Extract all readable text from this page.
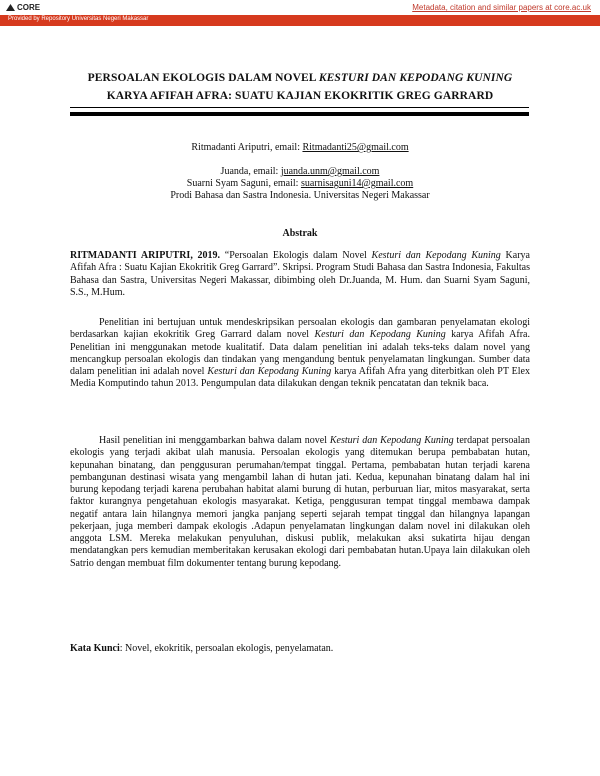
CORE	Metadata, citation and similar papers at core.ac.uk
Provided by Repository Universitas Negeri Makassar
PERSOALAN EKOLOGIS DALAM NOVEL KESTURI DAN KEPODANG KUNING
KARYA AFIFAH AFRA: SUATU KAJIAN EKOKRITIK GREG GARRARD
Ritmadanti Ariputri, email: Ritmadanti25@gmail.com
Juanda, email: juanda.unm@gmail.com
Suarni Syam Saguni, email: suarnisaguni14@gmail.com
Prodi Bahasa dan Sastra Indonesia. Universitas Negeri Makassar
Abstrak
RITMADANTI ARIPUTRI, 2019. “Persoalan Ekologis dalam Novel Kesturi dan Kepodang Kuning Karya Afifah Afra : Suatu Kajian Ekokritik Greg Garrard”. Skripsi. Program Studi Bahasa dan Sastra Indonesia, Fakultas Bahasa dan Sastra, Universitas Negeri Makassar, dibimbing oleh Dr.Juanda, M. Hum. dan Suarni Syam Saguni, S.S., M.Hum.
Penelitian ini bertujuan untuk mendeskripsikan persoalan ekologis dan gambaran penyelamatan ekologi berdasarkan kajian ekokritik Greg Garrard dalam novel Kesturi dan Kepodang Kuning karya Afifah Afra. Penelitian ini menggunakan metode kualitatif. Data dalam penelitian ini adalah teks-teks dalam novel yang mencangkup persoalan ekologis dan tindakan yang mengandung bentuk penyelamatan lingkungan. Sumber data dalam penelitian ini adalah novel Kesturi dan Kepodang Kuning karya Afifah Afra yang diterbitkan oleh PT Elex Media Komputindo tahun 2013. Pengumpulan data dilakukan dengan teknik pencatatan dan teknik baca.
Hasil penelitian ini menggambarkan bahwa dalam novel Kesturi dan Kepodang Kuning terdapat persoalan ekologis yang terjadi akibat ulah manusia. Persoalan ekologis yang ditemukan berupa pembabatan hutan, kepunahan binatang, dan penggusuran perumahan/tempat tinggal. Pertama, pembabatan hutan terjadi karena pembangunan destinasi wisata yang mengambil lahan di hutan jati. Kedua, kepunahan binatang dalam hal ini burung kepodang terjadi karena perubahan habitat alami burung di hutan, perburuan liar, mitos masyarakat, serta faktor kurangnya pengetahuan ekologis masyarakat. Ketiga, penggusuran tempat tinggal membawa dampak negatif antara lain hilangnya memori jangka panjang seperti sejarah tempat tinggal dan hilangnya lapangan pekerjaan, juga memberi dampak ekologis .Adapun penyelamatan lingkungan dalam novel ini dilakukan oleh anggota LSM. Mereka melakukan penyuluhan, diskusi publik, melakukan aksi sukatirta hijau dengan mendatangkan pers kemudian memberitakan kerusakan ekologi dari pembabatan hutan.Upaya lain dilakukan oleh Satrio dengan membuat film dokumenter tentang burung kepodang.
Kata Kunci: Novel, ekokritik, persoalan ekologis, penyelamatan.
